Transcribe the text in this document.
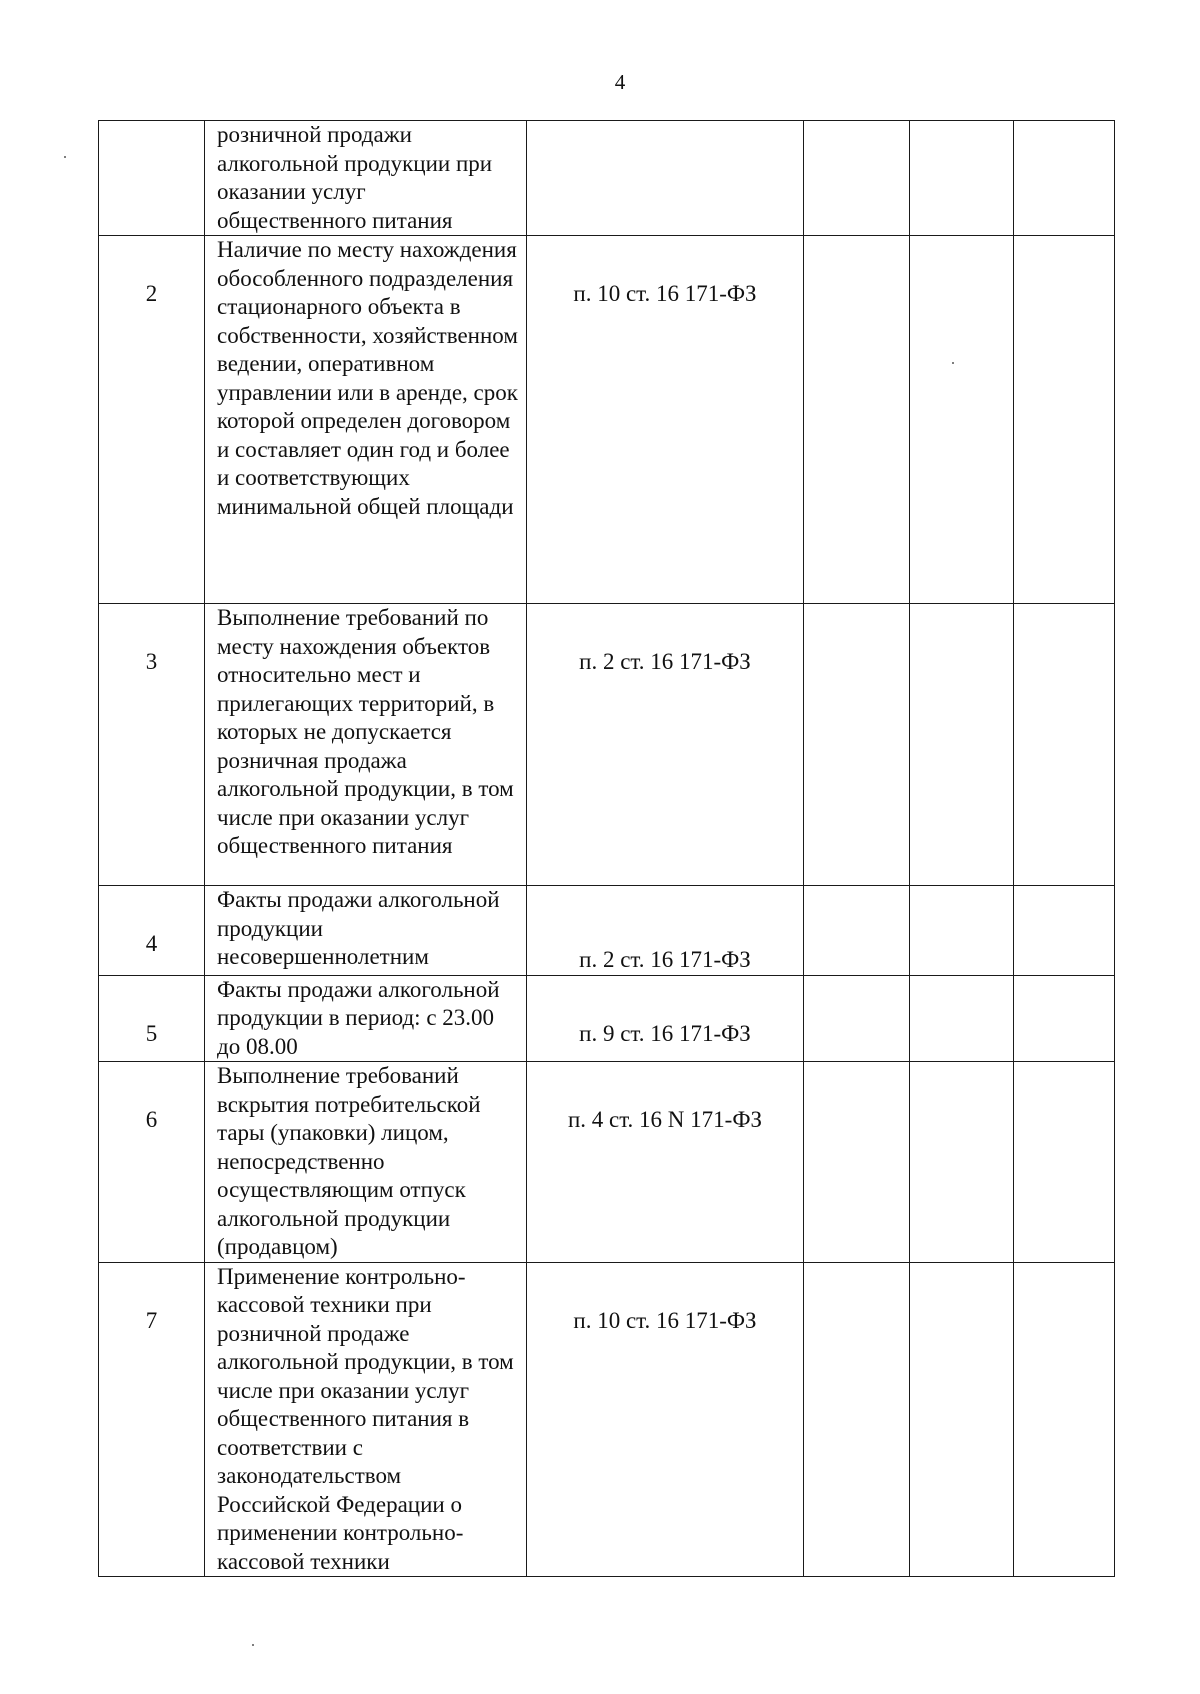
4
	розничной продажи алкогольной продукции при оказании услуг общественного питания				
2	Наличие по месту нахождения обособленного подразделения стационарного объекта в собственности, хозяйственном ведении, оперативном управлении или в аренде, срок которой определен договором и составляет один год и более и соответствующих минимальной общей площади	п. 10 ст. 16 171-ФЗ			
3	Выполнение требований по месту нахождения объектов относительно мест и прилегающих территорий, в которых не допускается розничная продажа алкогольной продукции, в том числе при оказании услуг общественного питания	п. 2 ст. 16 171-ФЗ			
4	Факты продажи алкогольной продукции несовершеннолетним	п. 2 ст. 16 171-ФЗ			
5	Факты продажи алкогольной продукции в период: с 23.00 до 08.00	п. 9 ст. 16 171-ФЗ			
6	Выполнение требований вскрытия потребительской тары (упаковки) лицом, непосредственно осуществляющим отпуск алкогольной продукции (продавцом)	п. 4 ст. 16 N 171-ФЗ			
7	Применение контрольно-кассовой техники при розничной продаже алкогольной продукции, в том числе при оказании услуг общественного питания в соответствии с законодательством Российской Федерации о применении контрольно-кассовой техники	п. 10 ст. 16 171-ФЗ			
